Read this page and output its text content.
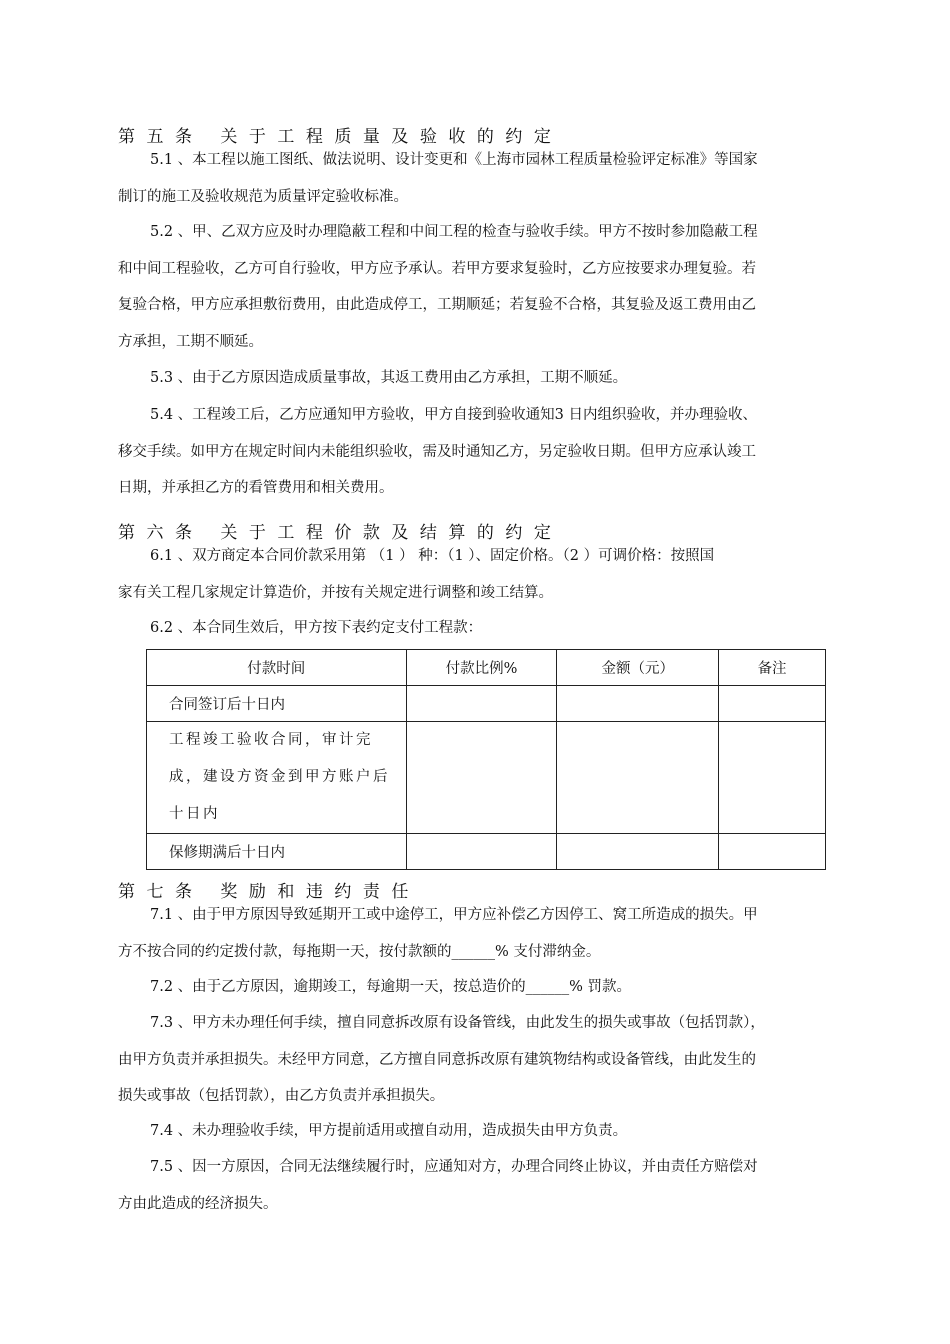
第五条 关于工程质量及验收的约定
5.1 、本工程以施工图纸、做法说明、设计变更和《上海市园林工程质量检验评定标准》等国家
制订的施工及验收规范为质量评定验收标准。
5.2 、甲、乙双方应及时办理隐蔽工程和中间工程的检查与验收手续。甲方不按时参加隐蔽工程
和中间工程验收，乙方可自行验收，甲方应予承认。若甲方要求复验时，乙方应按要求办理复验。若
复验合格，甲方应承担敷衍费用，由此造成停工，工期顺延；若复验不合格，其复验及返工费用由乙
方承担，工期不顺延。
5.3 、由于乙方原因造成质量事故，其返工费用由乙方承担，工期不顺延。
5.4 、工程竣工后，乙方应通知甲方验收，甲方自接到验收通知3 日内组织验收，并办理验收、
移交手续。如甲方在规定时间内未能组织验收，需及时通知乙方，另定验收日期。但甲方应承认竣工
日期，并承担乙方的看管费用和相关费用。
第六条 关于工程价款及结算的约定
6.1 、双方商定本合同价款采用第 （1 ） 种：（1 ）、固定价格。（2 ）可调价格：按照国
家有关工程几家规定计算造价，并按有关规定进行调整和竣工结算。
6.2 、本合同生效后，甲方按下表约定支付工程款：
付款时间	付款比例%	金额（元）	备注
合同签订后十日内			
工程竣工验收合同，审计完成，建设方资金到甲方账户后十日内			
保修期满后十日内			
第七条 奖励和违约责任
7.1 、由于甲方原因导致延期开工或中途停工，甲方应补偿乙方因停工、窝工所造成的损失。甲
方不按合同的约定拨付款，每拖期一天，按付款额的______% 支付滞纳金。
7.2 、由于乙方原因，逾期竣工，每逾期一天，按总造价的______% 罚款。
7.3 、甲方未办理任何手续，擅自同意拆改原有设备管线，由此发生的损失或事故（包括罚款），
由甲方负责并承担损失。未经甲方同意，乙方擅自同意拆改原有建筑物结构或设备管线，由此发生的
损失或事故（包括罚款），由乙方负责并承担损失。
7.4 、未办理验收手续，甲方提前适用或擅自动用，造成损失由甲方负责。
7.5 、因一方原因，合同无法继续履行时，应通知对方，办理合同终止协议，并由责任方赔偿对
方由此造成的经济损失。
